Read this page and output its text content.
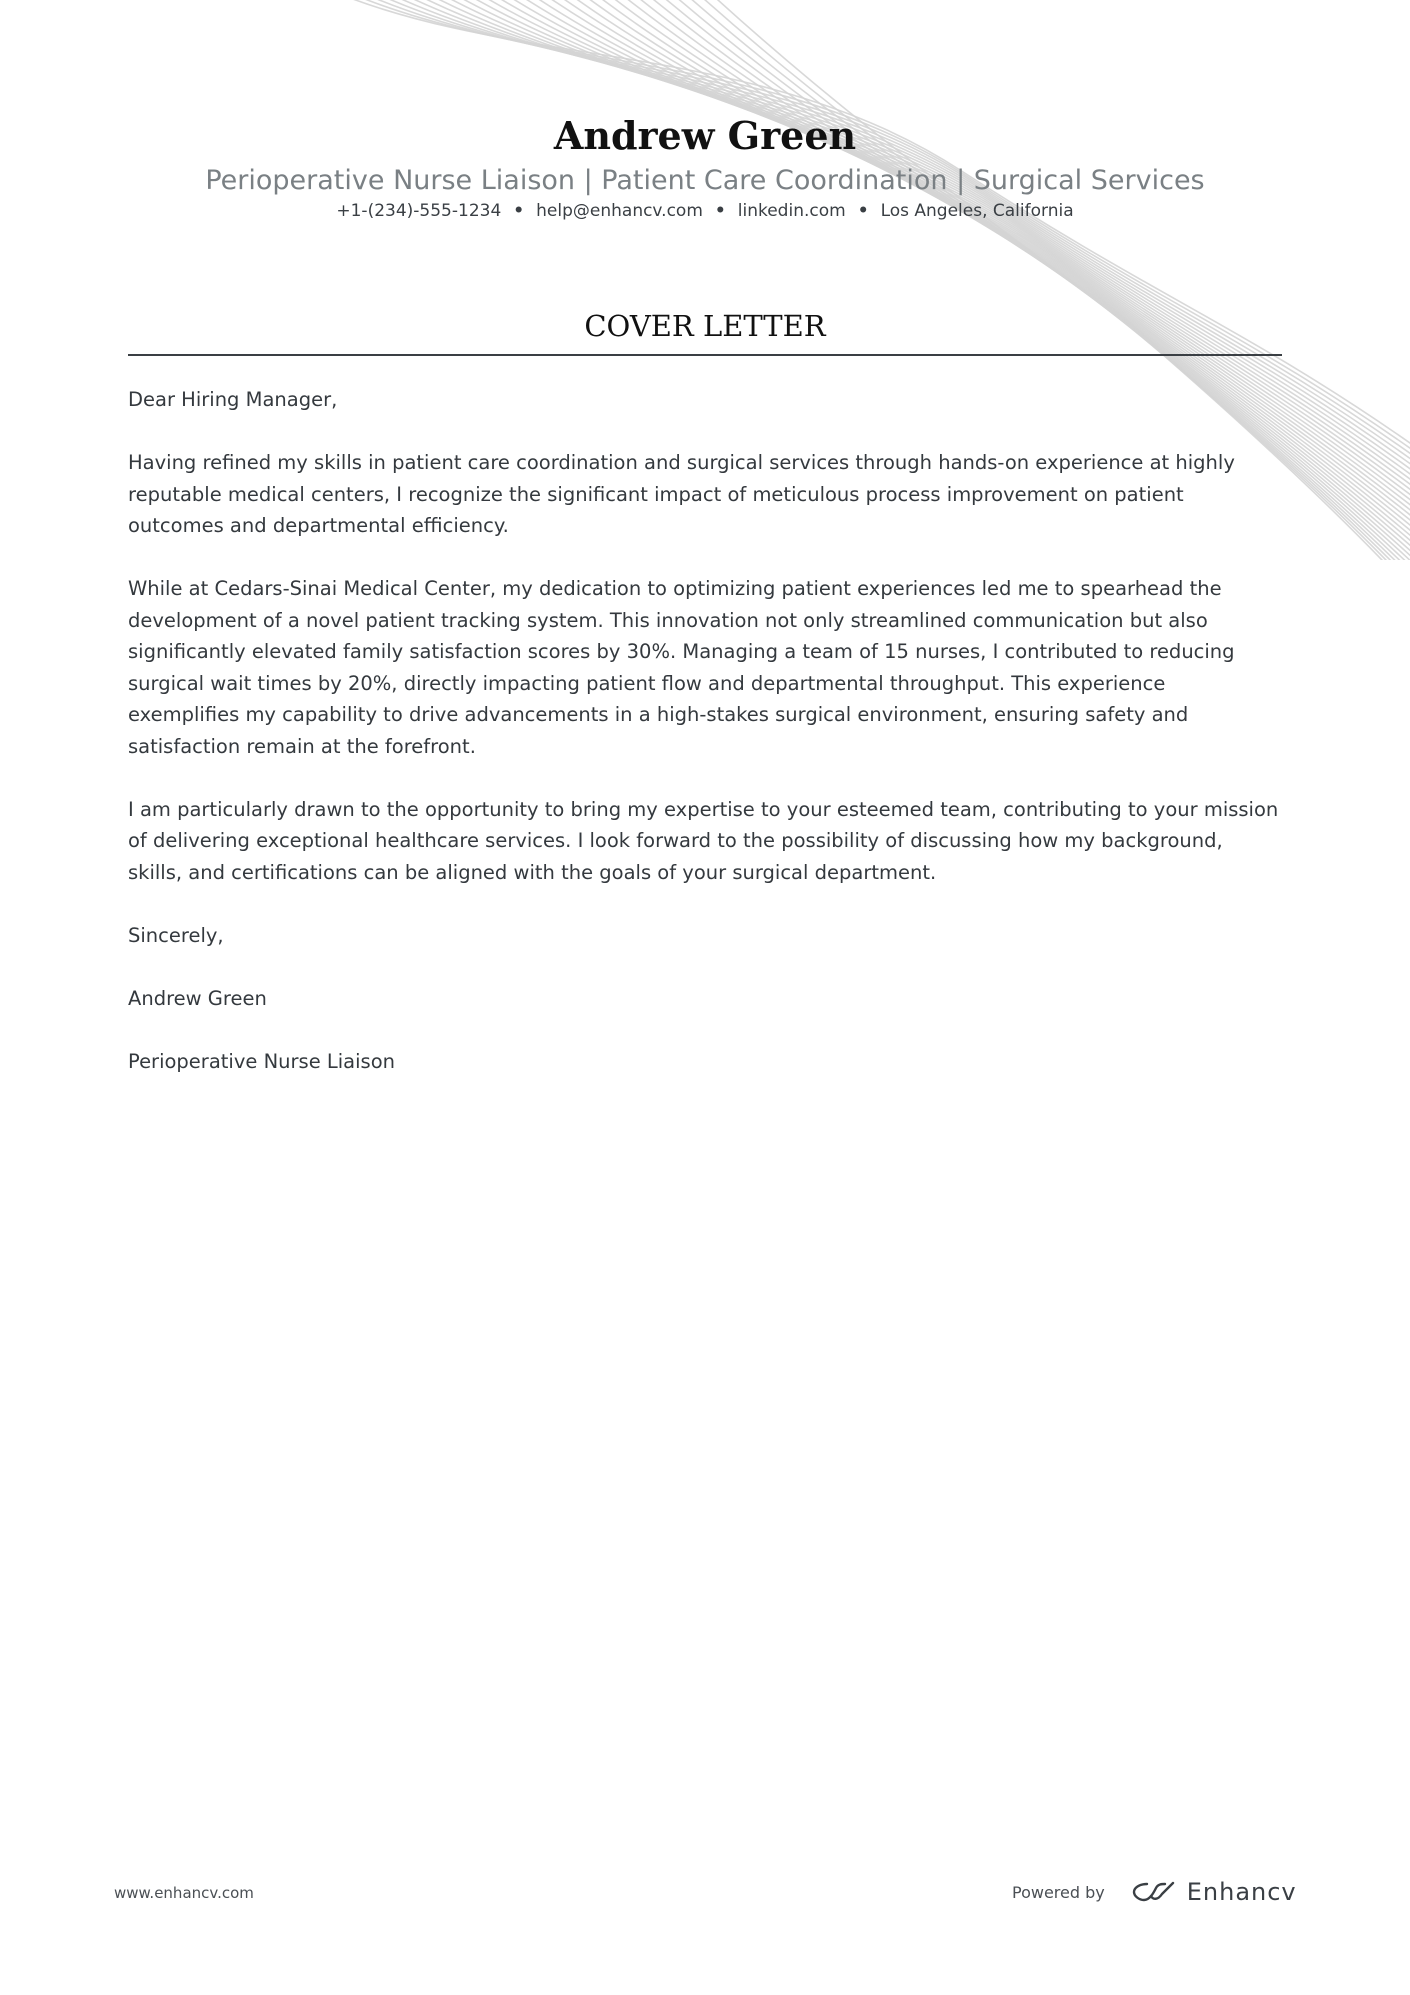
Andrew Green

Perioperative Nurse Liaison | Patient Care Coordination | Surgical Services

+1-(234)-555-1234 • help@enhancv.com • linkedin.com • Los Angeles, California

COVER LETTER

Dear Hiring Manager,

Having refined my skills in patient care coordination and surgical services through hands-on experience at highly reputable medical centers, I recognize the significant impact of meticulous process improvement on patient outcomes and departmental efficiency.

While at Cedars-Sinai Medical Center, my dedication to optimizing patient experiences led me to spearhead the development of a novel patient tracking system. This innovation not only streamlined communication but also significantly elevated family satisfaction scores by 30%. Managing a team of 15 nurses, I contributed to reducing surgical wait times by 20%, directly impacting patient flow and departmental throughput. This experience exemplifies my capability to drive advancements in a high-stakes surgical environment, ensuring safety and satisfaction remain at the forefront.

I am particularly drawn to the opportunity to bring my expertise to your esteemed team, contributing to your mission of delivering exceptional healthcare services. I look forward to the possibility of discussing how my background, skills, and certifications can be aligned with the goals of your surgical department.

Sincerely,

Andrew Green

Perioperative Nurse Liaison

www.enhancv.com	Powered by	Enhancv
